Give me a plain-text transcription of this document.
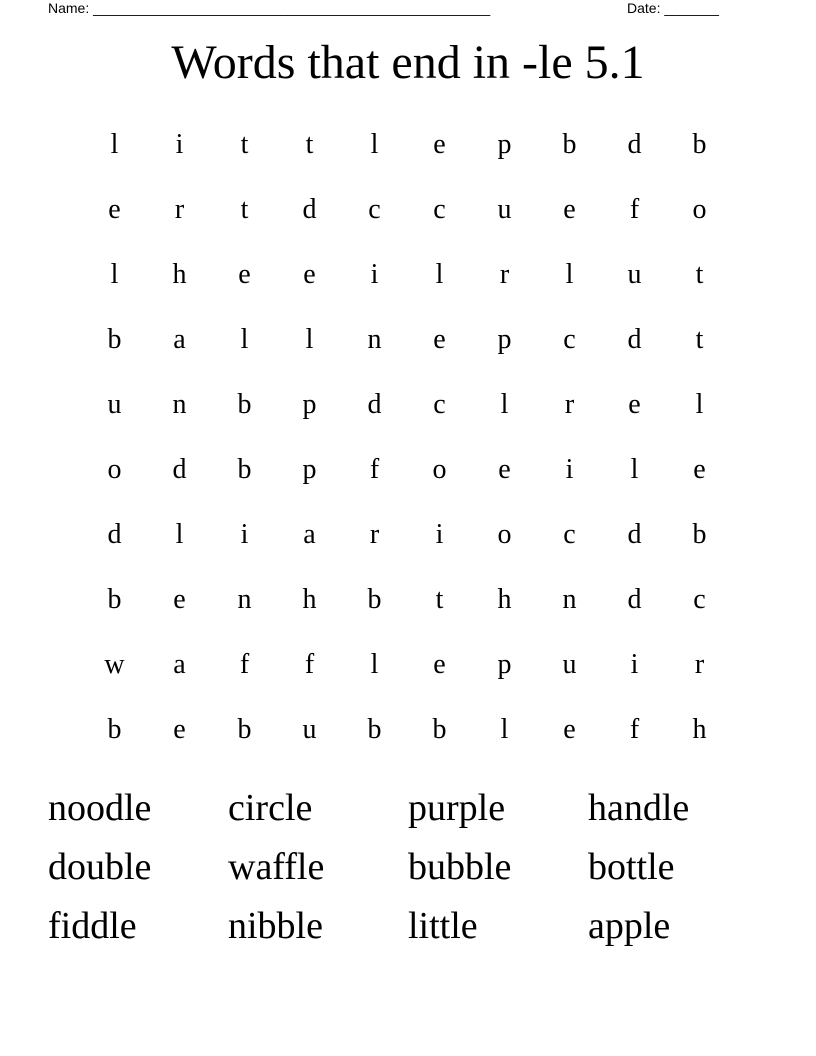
Name: ___________________________________________________	Date: _______
Words that end in -le 5.1
l	i	t	t	l	e	p	b	d	b
e	r	t	d	c	c	u	e	f	o
l	h	e	e	i	l	r	l	u	t
b	a	l	l	n	e	p	c	d	t
u	n	b	p	d	c	l	r	e	l
o	d	b	p	f	o	e	i	l	e
d	l	i	a	r	i	o	c	d	b
b	e	n	h	b	t	h	n	d	c
w	a	f	f	l	e	p	u	i	r
b	e	b	u	b	b	l	e	f	h
noodle	circle	purple	handle
double	waffle	bubble	bottle
fiddle	nibble	little	apple
